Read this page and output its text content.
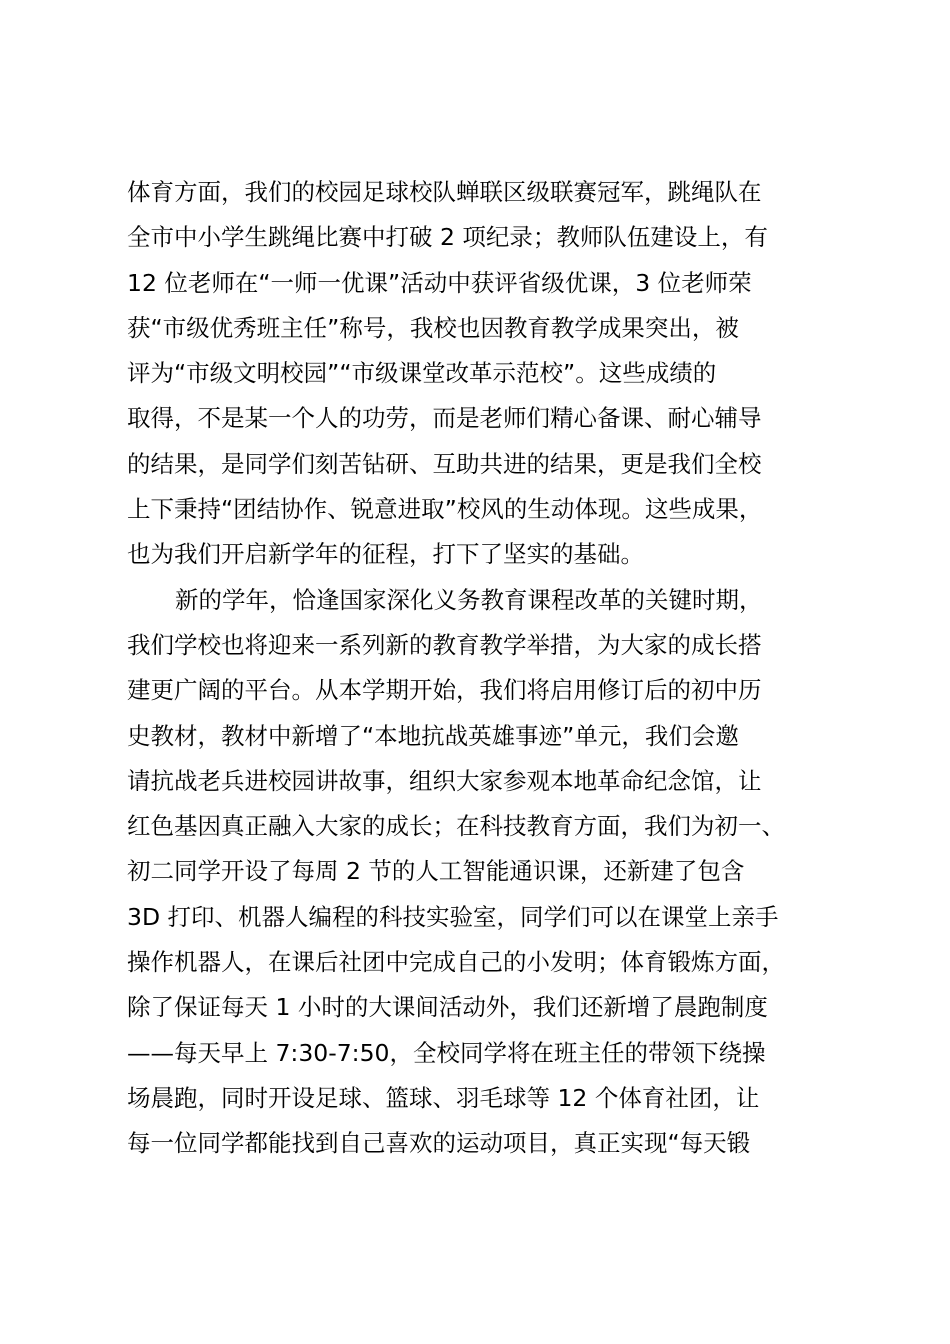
体育方面，我们的校园足球校队蝉联区级联赛冠军，跳绳队在
全市中小学生跳绳比赛中打破 2 项纪录；教师队伍建设上，有
12 位老师在“一师一优课”活动中获评省级优课，3 位老师荣
获“市级优秀班主任”称号，我校也因教育教学成果突出，被
评为“市级文明校园”“市级课堂改革示范校”。这些成绩的
取得，不是某一个人的功劳，而是老师们精心备课、耐心辅导
的结果，是同学们刻苦钻研、互助共进的结果，更是我们全校
上下秉持“团结协作、锐意进取”校风的生动体现。这些成果，
也为我们开启新学年的征程，打下了坚实的基础。
新的学年，恰逢国家深化义务教育课程改革的关键时期，
我们学校也将迎来一系列新的教育教学举措，为大家的成长搭
建更广阔的平台。从本学期开始，我们将启用修订后的初中历
史教材，教材中新增了“本地抗战英雄事迹”单元，我们会邀
请抗战老兵进校园讲故事，组织大家参观本地革命纪念馆，让
红色基因真正融入大家的成长；在科技教育方面，我们为初一、
初二同学开设了每周 2 节的人工智能通识课，还新建了包含
3D 打印、机器人编程的科技实验室，同学们可以在课堂上亲手
操作机器人，在课后社团中完成自己的小发明；体育锻炼方面，
除了保证每天 1 小时的大课间活动外，我们还新增了晨跑制度
——每天早上 7:30-7:50，全校同学将在班主任的带领下绕操
场晨跑，同时开设足球、篮球、羽毛球等 12 个体育社团，让
每一位同学都能找到自己喜欢的运动项目，真正实现“每天锻
